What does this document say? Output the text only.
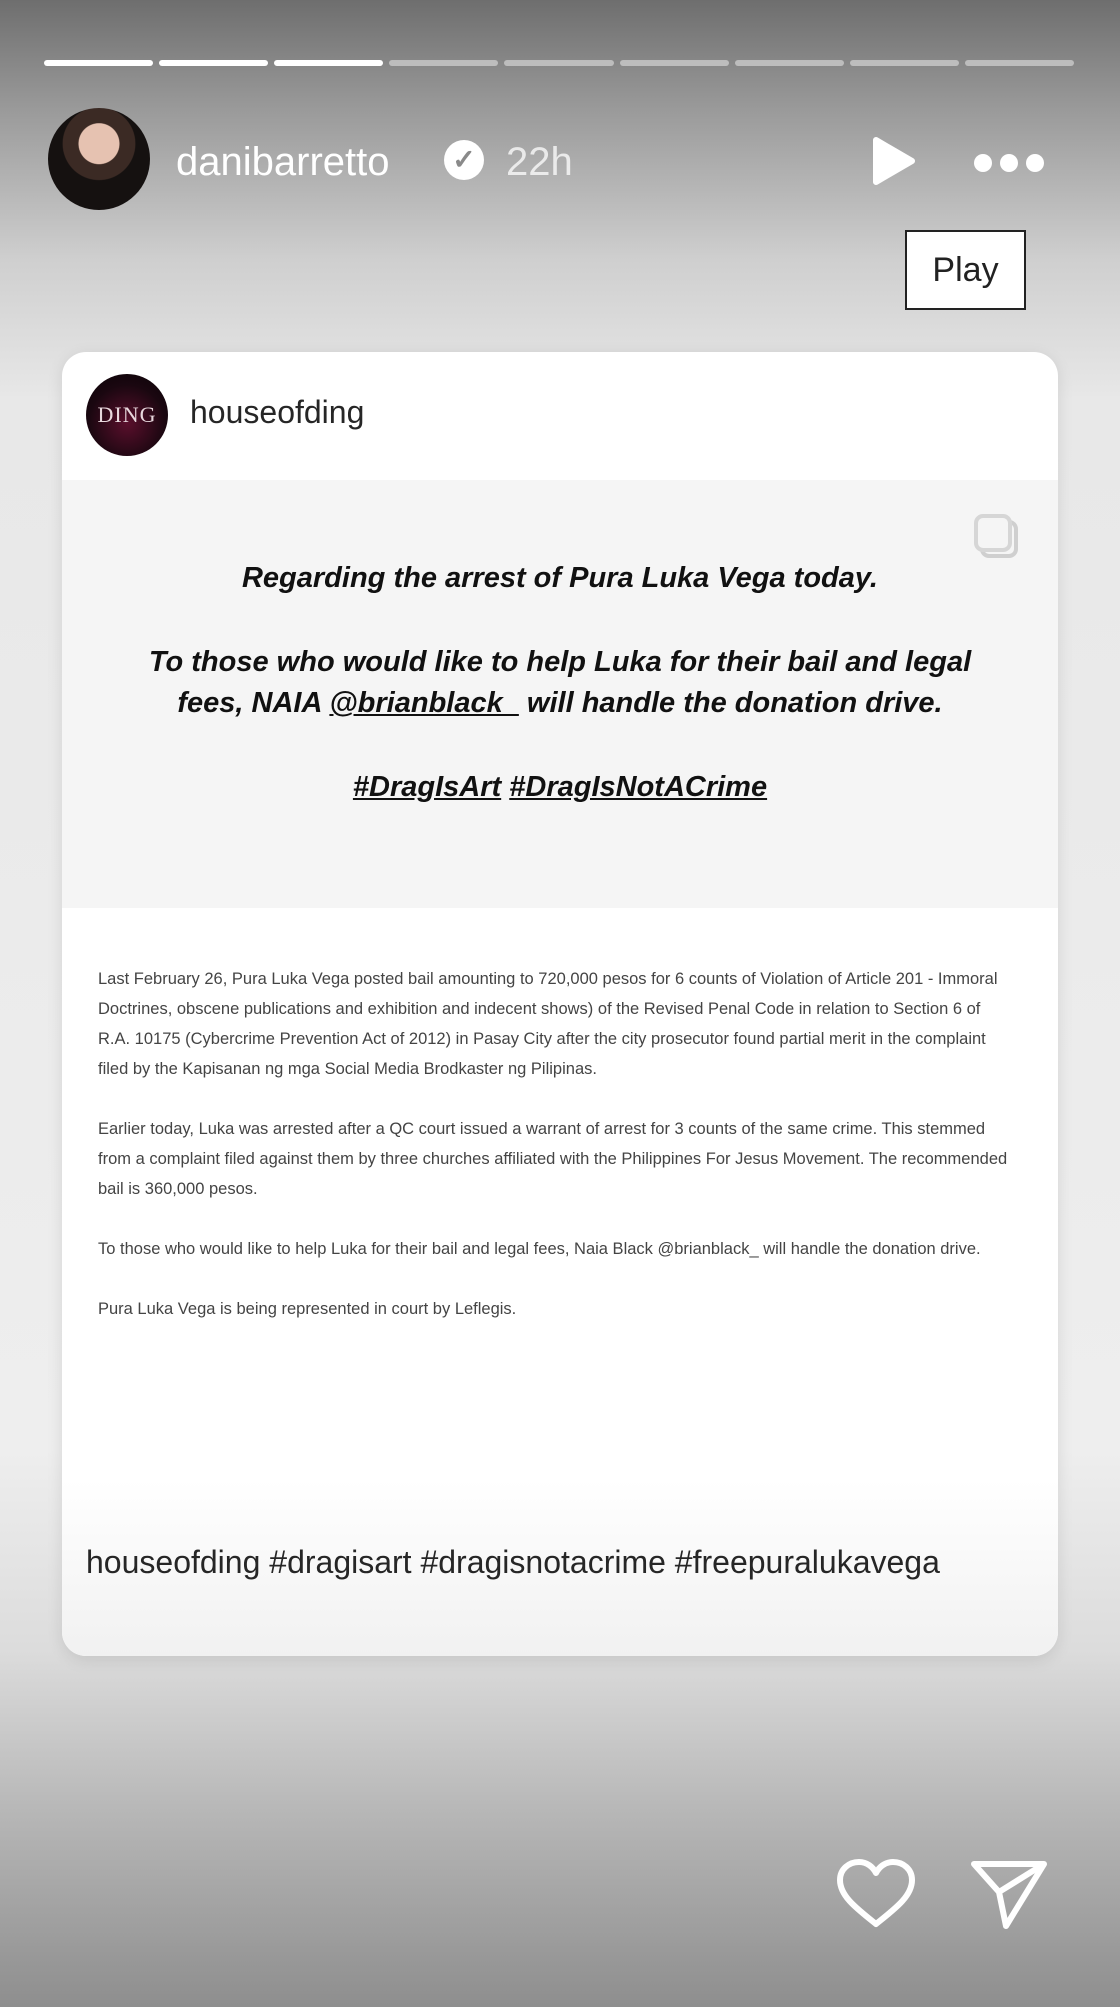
danibarretto ✓ 22h
Play
DING	houseofding

Regarding the arrest of Pura Luka Vega today.

To those who would like to help Luka for their bail and legal fees, NAIA @brianblack_ will handle the donation drive.

#DragIsArt #DragIsNotACrime

Last February 26, Pura Luka Vega posted bail amounting to 720,000 pesos for 6 counts of Violation of Article 201 - Immoral Doctrines, obscene publications and exhibition and indecent shows) of the Revised Penal Code in relation to Section 6 of R.A. 10175 (Cybercrime Prevention Act of 2012) in Pasay City after the city prosecutor found partial merit in the complaint filed by the Kapisanan ng mga Social Media Brodkaster ng Pilipinas.

Earlier today, Luka was arrested after a QC court issued a warrant of arrest for 3 counts of the same crime. This stemmed from a complaint filed against them by three churches affiliated with the Philippines For Jesus Movement. The recommended bail is 360,000 pesos.

To those who would like to help Luka for their bail and legal fees, Naia Black @brianblack_ will handle the donation drive.

Pura Luka Vega is being represented in court by Leflegis.

houseofding #dragisart #dragisnotacrime #freepuralukavega
